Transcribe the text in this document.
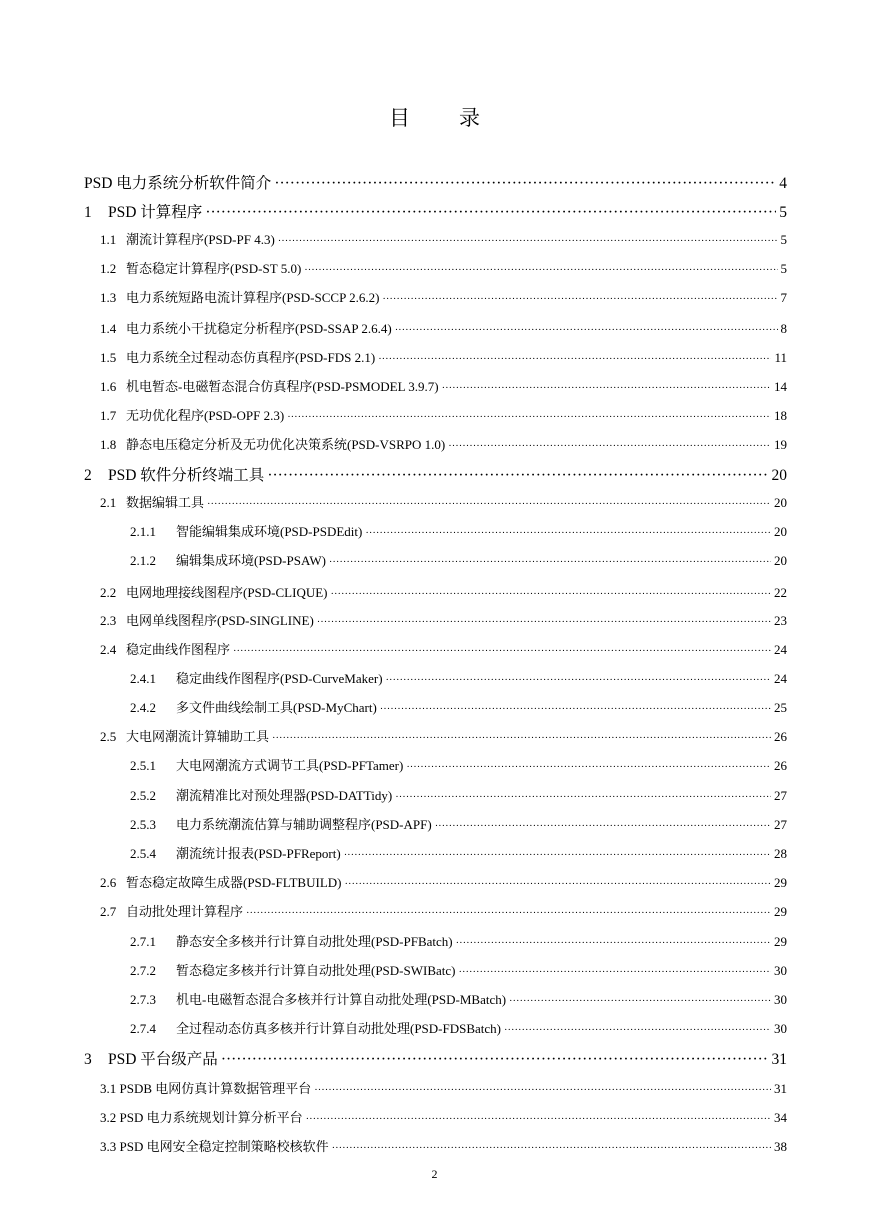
目　录
PSD 电力系统分析软件简介 ·····	4
1	PSD 计算程序 ·····	5
1.1 潮流计算程序(PSD-PF 4.3) ·····	5
1.2 暂态稳定计算程序(PSD-ST 5.0) ·····	5
1.3 电力系统短路电流计算程序(PSD-SCCP 2.6.2) ·····	7
1.4 电力系统小干扰稳定分析程序(PSD-SSAP 2.6.4) ·····	8
1.5 电力系统全过程动态仿真程序(PSD-FDS 2.1) ·····	11
1.6 机电暂态-电磁暂态混合仿真程序(PSD-PSMODEL 3.9.7) ·····	14
1.7 无功优化程序(PSD-OPF 2.3) ·····	18
1.8 静态电压稳定分析及无功优化决策系统(PSD-VSRPO 1.0) ·····	19
2	PSD 软件分析终端工具 ·····	20
2.1 数据编辑工具 ·····	20
2.1.1	智能编辑集成环境(PSD-PSDEdit) ·····	20
2.1.2	编辑集成环境(PSD-PSAW) ·····	20
2.2 电网地理接线图程序(PSD-CLIQUE) ·····	22
2.3 电网单线图程序(PSD-SINGLINE) ·····	23
2.4 稳定曲线作图程序 ·····	24
2.4.1	稳定曲线作图程序(PSD-CurveMaker) ·····	24
2.4.2	多文件曲线绘制工具(PSD-MyChart) ·····	25
2.5 大电网潮流计算辅助工具 ·····	26
2.5.1	大电网潮流方式调节工具(PSD-PFTamer) ·····	26
2.5.2	潮流精准比对预处理器(PSD-DATTidy) ·····	27
2.5.3	电力系统潮流估算与辅助调整程序(PSD-APF) ·····	27
2.5.4	潮流统计报表(PSD-PFReport) ·····	28
2.6 暂态稳定故障生成器(PSD-FLTBUILD) ·····	29
2.7 自动批处理计算程序 ·····	29
2.7.1	静态安全多核并行计算自动批处理(PSD-PFBatch) ·····	29
2.7.2	暂态稳定多核并行计算自动批处理(PSD-SWIBatc) ·····	30
2.7.3	机电-电磁暂态混合多核并行计算自动批处理(PSD-MBatch) ·····	30
2.7.4	全过程动态仿真多核并行计算自动批处理(PSD-FDSBatch) ·····	30
3	PSD 平台级产品 ·····	31
3.1 PSDB 电网仿真计算数据管理平台 ·····	31
3.2 PSD 电力系统规划计算分析平台 ·····	34
3.3 PSD 电网安全稳定控制策略校核软件 ·····	38
2
